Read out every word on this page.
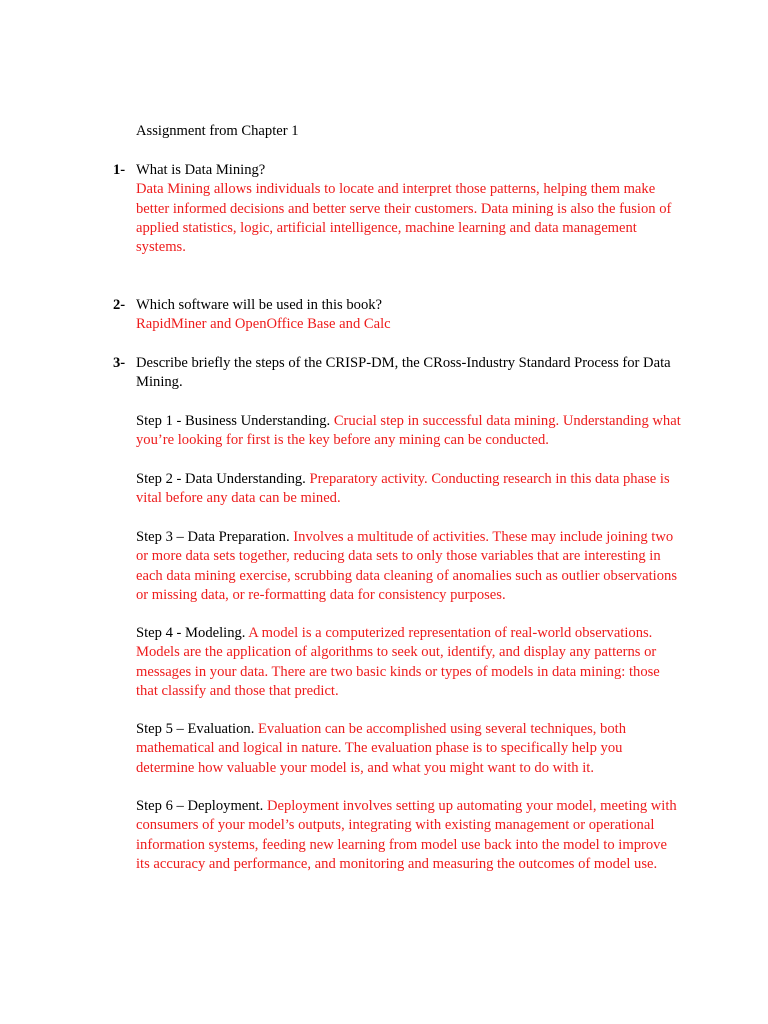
Assignment from Chapter 1
1- What is Data Mining?
Data Mining allows individuals to locate and interpret those patterns, helping them make better informed decisions and better serve their customers. Data mining is also the fusion of applied statistics, logic, artificial intelligence, machine learning and data management systems.
2- Which software will be used in this book?
RapidMiner and OpenOffice Base and Calc
3- Describe briefly the steps of the CRISP-DM, the CRoss-Industry Standard Process for Data Mining.
Step 1 - Business Understanding. Crucial step in successful data mining. Understanding what you’re looking for first is the key before any mining can be conducted.
Step 2 - Data Understanding. Preparatory activity. Conducting research in this data phase is vital before any data can be mined.
Step 3 – Data Preparation. Involves a multitude of activities. These may include joining two or more data sets together, reducing data sets to only those variables that are interesting in each data mining exercise, scrubbing data cleaning of anomalies such as outlier observations or missing data, or re-formatting data for consistency purposes.
Step 4 - Modeling. A model is a computerized representation of real-world observations. Models are the application of algorithms to seek out, identify, and display any patterns or messages in your data. There are two basic kinds or types of models in data mining: those that classify and those that predict.
Step 5 – Evaluation. Evaluation can be accomplished using several techniques, both mathematical and logical in nature. The evaluation phase is to specifically help you determine how valuable your model is, and what you might want to do with it.
Step 6 – Deployment. Deployment involves setting up automating your model, meeting with consumers of your model’s outputs, integrating with existing management or operational information systems, feeding new learning from model use back into the model to improve its accuracy and performance, and monitoring and measuring the outcomes of model use.
